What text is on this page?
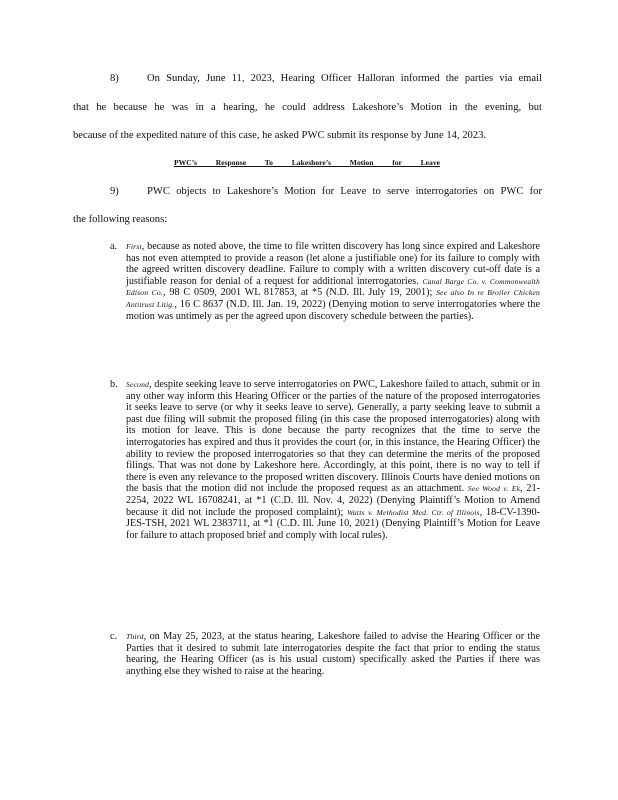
8)	On Sunday, June 11, 2023, Hearing Officer Halloran informed the parties via email
that he because he was in a hearing, he could address Lakeshore’s Motion in the evening, but
because of the expedited nature of this case, he asked PWC submit its response by June 14, 2023.
PWC’s Response To Lakeshore’s Motion for Leave
9)	PWC objects to Lakeshore’s Motion for Leave to serve interrogatories on PWC for
the following reasons:
a. First, because as noted above, the time to file written discovery has long since expired and Lakeshore has not even attempted to provide a reason (let alone a justifiable one) for its failure to comply with the agreed written discovery deadline. Failure to comply with a written discovery cut-off date is a justifiable reason for denial of a request for additional interrogatories. Canal Barge Co. v. Commonwealth Edison Co., 98 C 0509, 2001 WL 817853, at *5 (N.D. Ill. July 19, 2001); See also In re Broiler Chicken Antitrust Litig., 16 C 8637 (N.D. Ill. Jan. 19, 2022) (Denying motion to serve interrogatories where the motion was untimely as per the agreed upon discovery schedule between the parties).
b. Second, despite seeking leave to serve interrogatories on PWC, Lakeshore failed to attach, submit or in any other way inform this Hearing Officer or the parties of the nature of the proposed interrogatories it seeks leave to serve (or why it seeks leave to serve). Generally, a party seeking leave to submit a past due filing will submit the proposed filing (in this case the proposed interrogatories) along with its motion for leave. This is done because the party recognizes that the time to serve the interrogatories has expired and thus it provides the court (or, in this instance, the Hearing Officer) the ability to review the proposed interrogatories so that they can determine the merits of the proposed filings. That was not done by Lakeshore here. Accordingly, at this point, there is no way to tell if there is even any relevance to the proposed written discovery. Illinois Courts have denied motions on the basis that the motion did not include the proposed request as an attachment. See Wood v. Ek, 21-2254, 2022 WL 16708241, at *1 (C.D. Ill. Nov. 4, 2022) (Denying Plaintiff’s Motion to Amend because it did not include the proposed complaint); Watts v. Methodist Med. Ctr. of Illinois, 18-CV-1390-JES-TSH, 2021 WL 2383711, at *1 (C.D. Ill. June 10, 2021) (Denying Plaintiff’s Motion for Leave for failure to attach proposed brief and comply with local rules).
c. Third, on May 25, 2023, at the status hearing, Lakeshore failed to advise the Hearing Officer or the Parties that it desired to submit late interrogatories despite the fact that prior to ending the status hearing, the Hearing Officer (as is his usual custom) specifically asked the Parties if there was anything else they wished to raise at the hearing.
